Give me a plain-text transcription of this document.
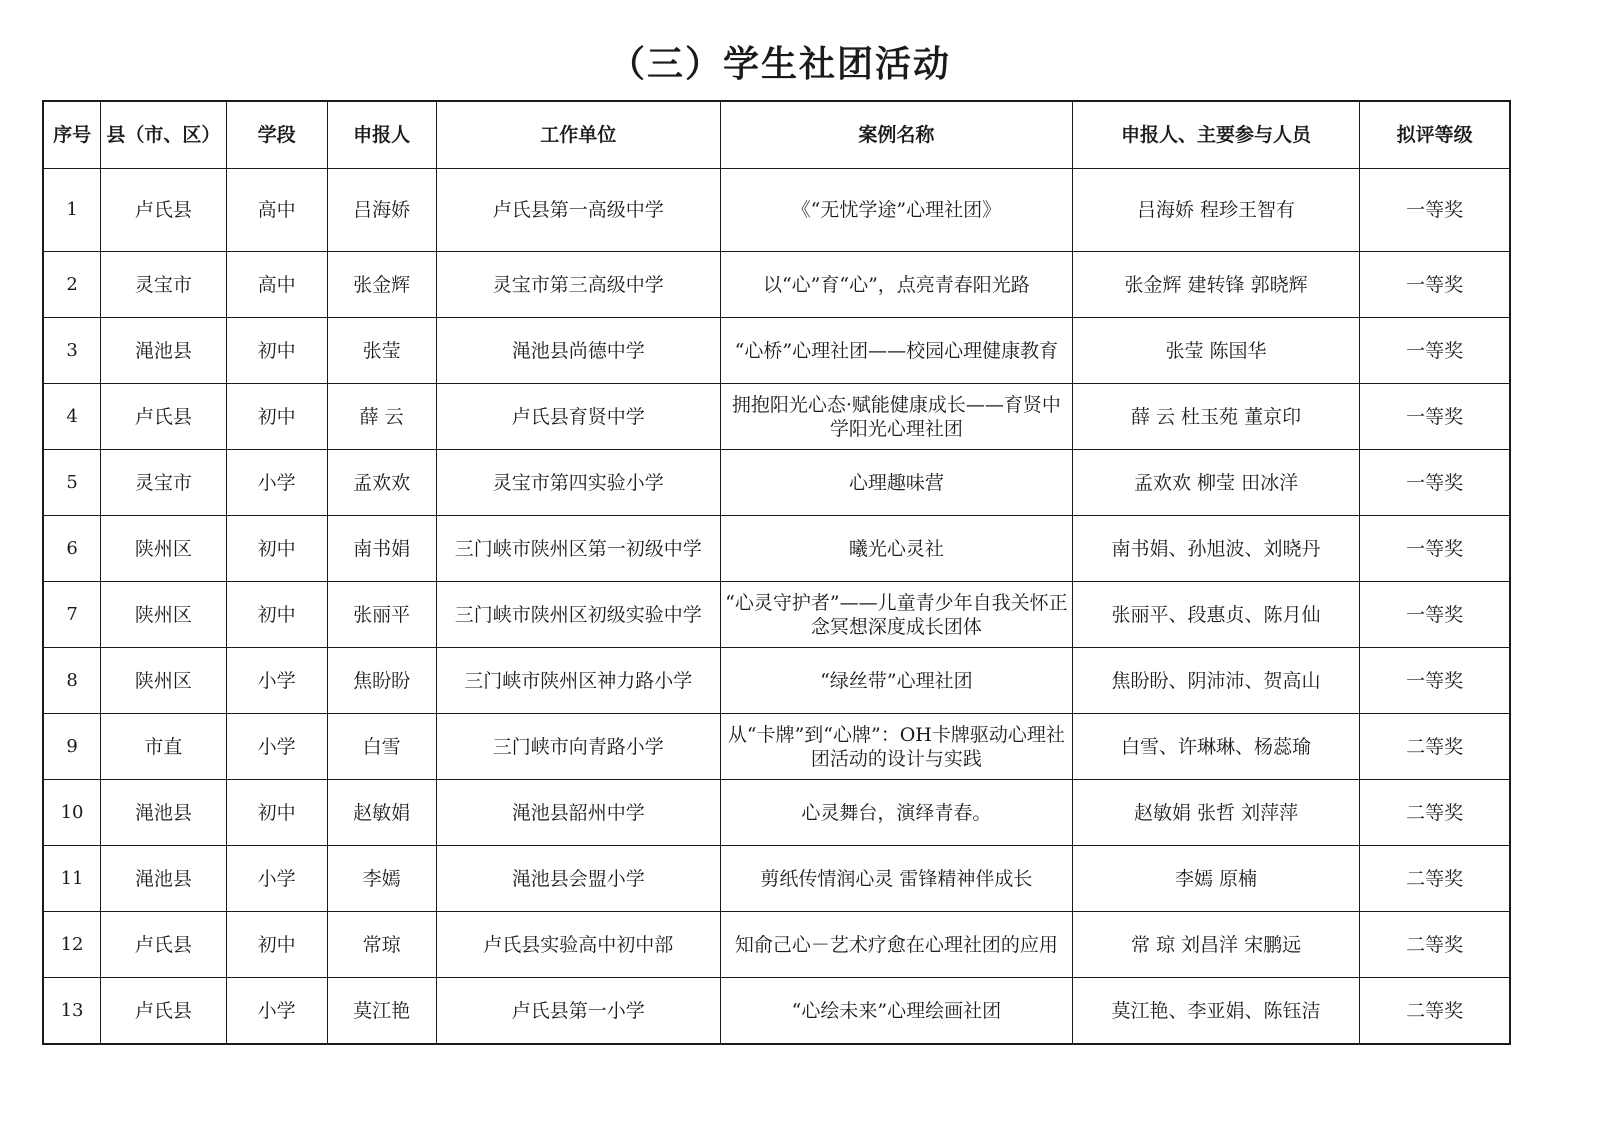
（三）学生社团活动
序号	县（市、区）	学段	申报人	工作单位	案例名称	申报人、主要参与人员	拟评等级
1	卢氏县	高中	吕海娇	卢氏县第一高级中学	《“无忧学途”心理社团》	吕海娇 程珍王智有	一等奖
2	灵宝市	高中	张金辉	灵宝市第三高级中学	以“心”育“心”，点亮青春阳光路	张金辉 建转锋 郭晓辉	一等奖
3	渑池县	初中	张莹	渑池县尚德中学	“心桥”心理社团——校园心理健康教育	张莹 陈国华	一等奖
4	卢氏县	初中	薛 云	卢氏县育贤中学	拥抱阳光心态·赋能健康成长——育贤中学阳光心理社团	薛 云 杜玉苑 董京印	一等奖
5	灵宝市	小学	孟欢欢	灵宝市第四实验小学	心理趣味营	孟欢欢 柳莹 田冰洋	一等奖
6	陕州区	初中	南书娟	三门峡市陕州区第一初级中学	曦光心灵社	南书娟、孙旭波、刘晓丹	一等奖
7	陕州区	初中	张丽平	三门峡市陕州区初级实验中学	“心灵守护者”——儿童青少年自我关怀正念冥想深度成长团体	张丽平、段惠贞、陈月仙	一等奖
8	陕州区	小学	焦盼盼	三门峡市陕州区神力路小学	“绿丝带”心理社团	焦盼盼、阴沛沛、贺高山	一等奖
9	市直	小学	白雪	三门峡市向青路小学	从“卡牌”到“心牌”：OH卡牌驱动心理社团活动的设计与实践	白雪、许琳琳、杨蕊瑜	二等奖
10	渑池县	初中	赵敏娟	渑池县韶州中学	心灵舞台，演绎青春。	赵敏娟 张哲 刘萍萍	二等奖
11	渑池县	小学	李嫣	渑池县会盟小学	剪纸传情润心灵 雷锋精神伴成长	李嫣 原楠	二等奖
12	卢氏县	初中	常琼	卢氏县实验高中初中部	知俞己心－艺术疗愈在心理社团的应用	常 琼 刘昌洋 宋鹏远	二等奖
13	卢氏县	小学	莫江艳	卢氏县第一小学	“心绘未来”心理绘画社团	莫江艳、李亚娟、陈钰洁	二等奖
